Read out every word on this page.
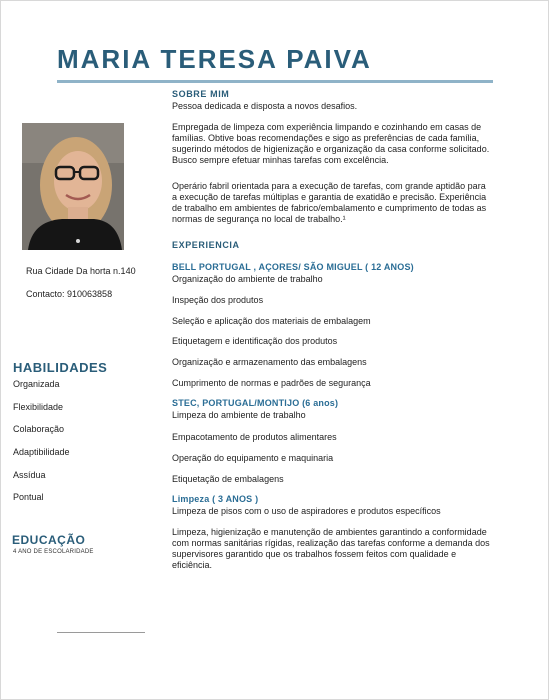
MARIA TERESA PAIVA
Rua Cidade Da horta n.140
Contacto: 910063858
HABILIDADES
Organizada
Flexibilidade
Colaboração
Adaptibilidade
Assídua
Pontual
EDUCAÇÃO
4 ANO DE ESCOLARIDADE
SOBRE MIM
Pessoa dedicada e disposta a novos desafios.
Empregada de limpeza com experiência limpando e cozinhando em casas de famílias. Obtive boas recomendações e sigo as preferências de cada família, sugerindo métodos de higienização e organização da casa conforme solicitado. Busco sempre efetuar minhas tarefas com excelência.
Operário fabril orientada para a execução de tarefas, com grande aptidão para a execução de tarefas múltiplas e garantia de exatidão e precisão. Experiência de trabalho em ambientes de fabrico/embalamento e cumprimento de todas as normas de segurança no local de trabalho.¹
EXPERIENCIA
BELL PORTUGAL , AÇORES/ SÃO MIGUEL ( 12 ANOS)
Organização do ambiente de trabalho
Inspeção dos produtos
Seleção e aplicação dos materiais de embalagem
Etiquetagem e identificação dos produtos
Organização e armazenamento das embalagens
Cumprimento de normas e padrões de segurança
STEC, PORTUGAL/MONTIJO (6 anos)
Limpeza do ambiente de trabalho
Empacotamento de produtos alimentares
Operação do equipamento e maquinaria
Etiquetação de embalagens
Limpeza ( 3 ANOS )
Limpeza de pisos com o uso de aspiradores e produtos específicos
Limpeza, higienização e manutenção de ambientes garantindo a conformidade com normas sanitárias rígidas, realização das tarefas conforme a demanda dos supervisores garantido que os trabalhos fossem feitos com qualidade e eficiência.
